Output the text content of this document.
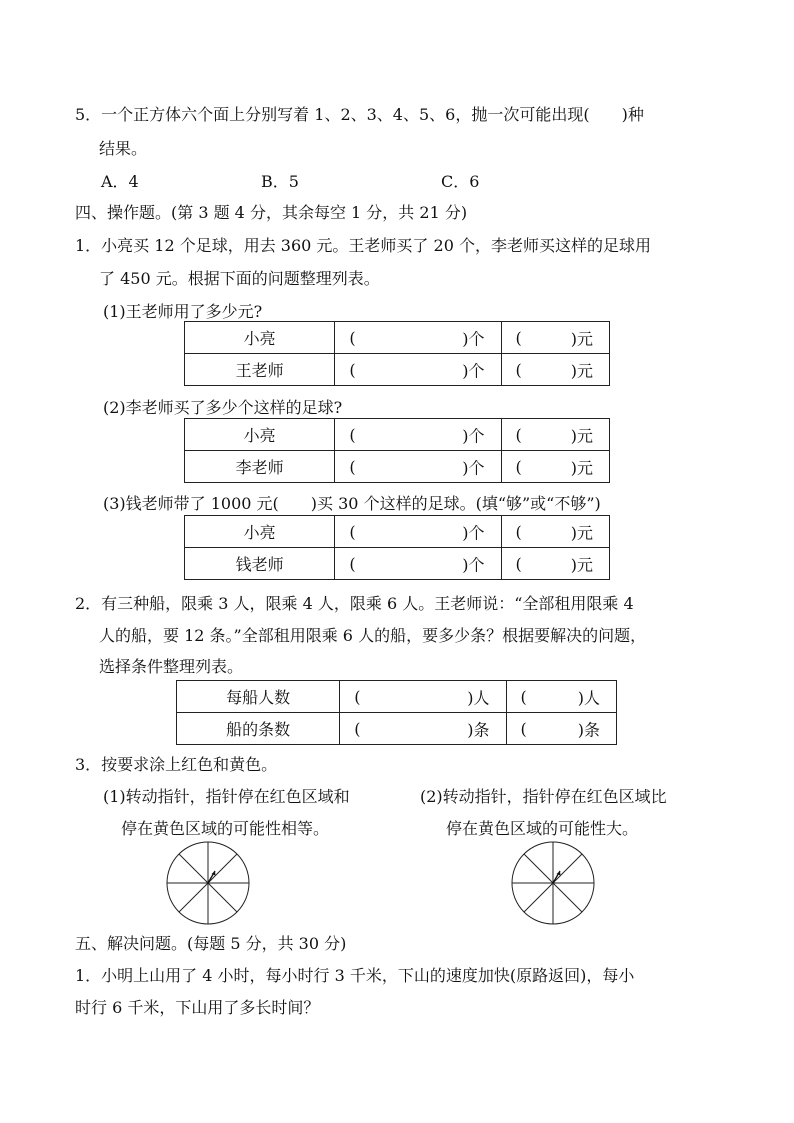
5．一个正方体六个面上分别写着 1、2、3、4、5、6，抛一次可能出现(　　)种
结果。
A．4	B．5	C．6
四、操作题。(第 3 题 4 分，其余每空 1 分，共 21 分)
1．小亮买 12 个足球，用去 360 元。王老师买了 20 个，李老师买这样的足球用
了 450 元。根据下面的问题整理列表。
(1)王老师用了多少元?
小亮	( )个	( )元

王老师	( )个	( )元
(2)李老师买了多少个这样的足球?
小亮	( )个	( )元

李老师	( )个	( )元
(3)钱老师带了 1000 元(　　)买 30 个这样的足球。(填“够”或“不够”)
小亮	( )个	( )元

钱老师	( )个	( )元
2．有三种船，限乘 3 人，限乘 4 人，限乘 6 人。王老师说：“全部租用限乘 4
人的船，要 12 条。”全部租用限乘 6 人的船，要多少条？根据要解决的问题，
选择条件整理列表。
每船人数	( )人	( )人

船的条数	( )条	( )条
3．按要求涂上红色和黄色。
(1)转动指针，指针停在红色区域和
停在黄色区域的可能性相等。
(2)转动指针，指针停在红色区域比
停在黄色区域的可能性大。
五、解决问题。(每题 5 分，共 30 分)
1．小明上山用了 4 小时，每小时行 3 千米，下山的速度加快(原路返回)，每小
时行 6 千米，下山用了多长时间？
